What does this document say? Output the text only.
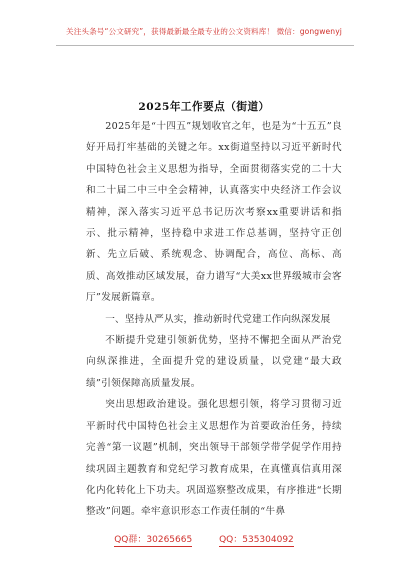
关注头条号“公文研究”，获得最新最全最专业的公文资料库！ 微信：gongwenyj
2025年工作要点（街道）

2025年是“十四五”规划收官之年，也是为“十五五”良好开局打牢基础的关键之年。xx街道坚持以习近平新时代中国特色社会主义思想为指导，全面贯彻落实党的二十大和二十届二中三中全会精神，认真落实中央经济工作会议精神，深入落实习近平总书记历次考察xx重要讲话和指示、批示精神，坚持稳中求进工作总基调，坚持守正创新、先立后破、系统观念、协调配合，高位、高标、高质、高效推动区域发展，奋力谱写“大美xx世界级城市会客厅”发展新篇章。

一、坚持从严从实，推动新时代党建工作向纵深发展

不断提升党建引领新优势，坚持不懈把全面从严治党向纵深推进，全面提升党的建设质量，以党建“最大政绩”引领保障高质量发展。

突出思想政治建设。强化思想引领，将学习贯彻习近平新时代中国特色社会主义思想作为首要政治任务，持续完善“第一议题”机制，突出领导干部领学带学促学作用持续巩固主题教育和党纪学习教育成果，在真懂真信真用深化内化转化上下功夫。巩固巡察整改成果，有序推进“长期整改”问题。牵牢意识形态工作责任制的“牛鼻

QQ群：30265665	QQ：535304092
